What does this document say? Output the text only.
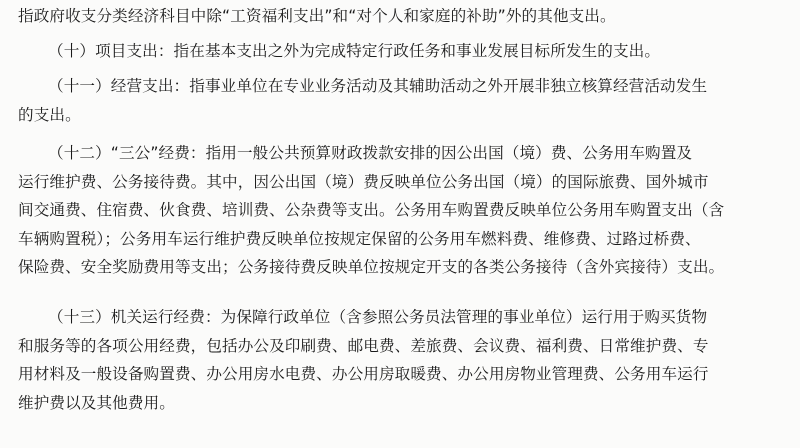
指政府收支分类经济科目中除“工资福利支出”和“对个人和家庭的补助”外的其他支出。

（十）项目支出：指在基本支出之外为完成特定行政任务和事业发展目标所发生的支出。

（十一）经营支出：指事业单位在专业业务活动及其辅助活动之外开展非独立核算经营活动发生
的支出。

（十二）“三公”经费：指用一般公共预算财政拨款安排的因公出国（境）费、公务用车购置及
运行维护费、公务接待费。其中，因公出国（境）费反映单位公务出国（境）的国际旅费、国外城市
间交通费、住宿费、伙食费、培训费、公杂费等支出。公务用车购置费反映单位公务用车购置支出（含
车辆购置税）；公务用车运行维护费反映单位按规定保留的公务用车燃料费、维修费、过路过桥费、
保险费、安全奖励费用等支出；公务接待费反映单位按规定开支的各类公务接待（含外宾接待）支出。

（十三）机关运行经费：为保障行政单位（含参照公务员法管理的事业单位）运行用于购买货物
和服务等的各项公用经费，包括办公及印刷费、邮电费、差旅费、会议费、福利费、日常维护费、专
用材料及一般设备购置费、办公用房水电费、办公用房取暖费、办公用房物业管理费、公务用车运行
维护费以及其他费用。
